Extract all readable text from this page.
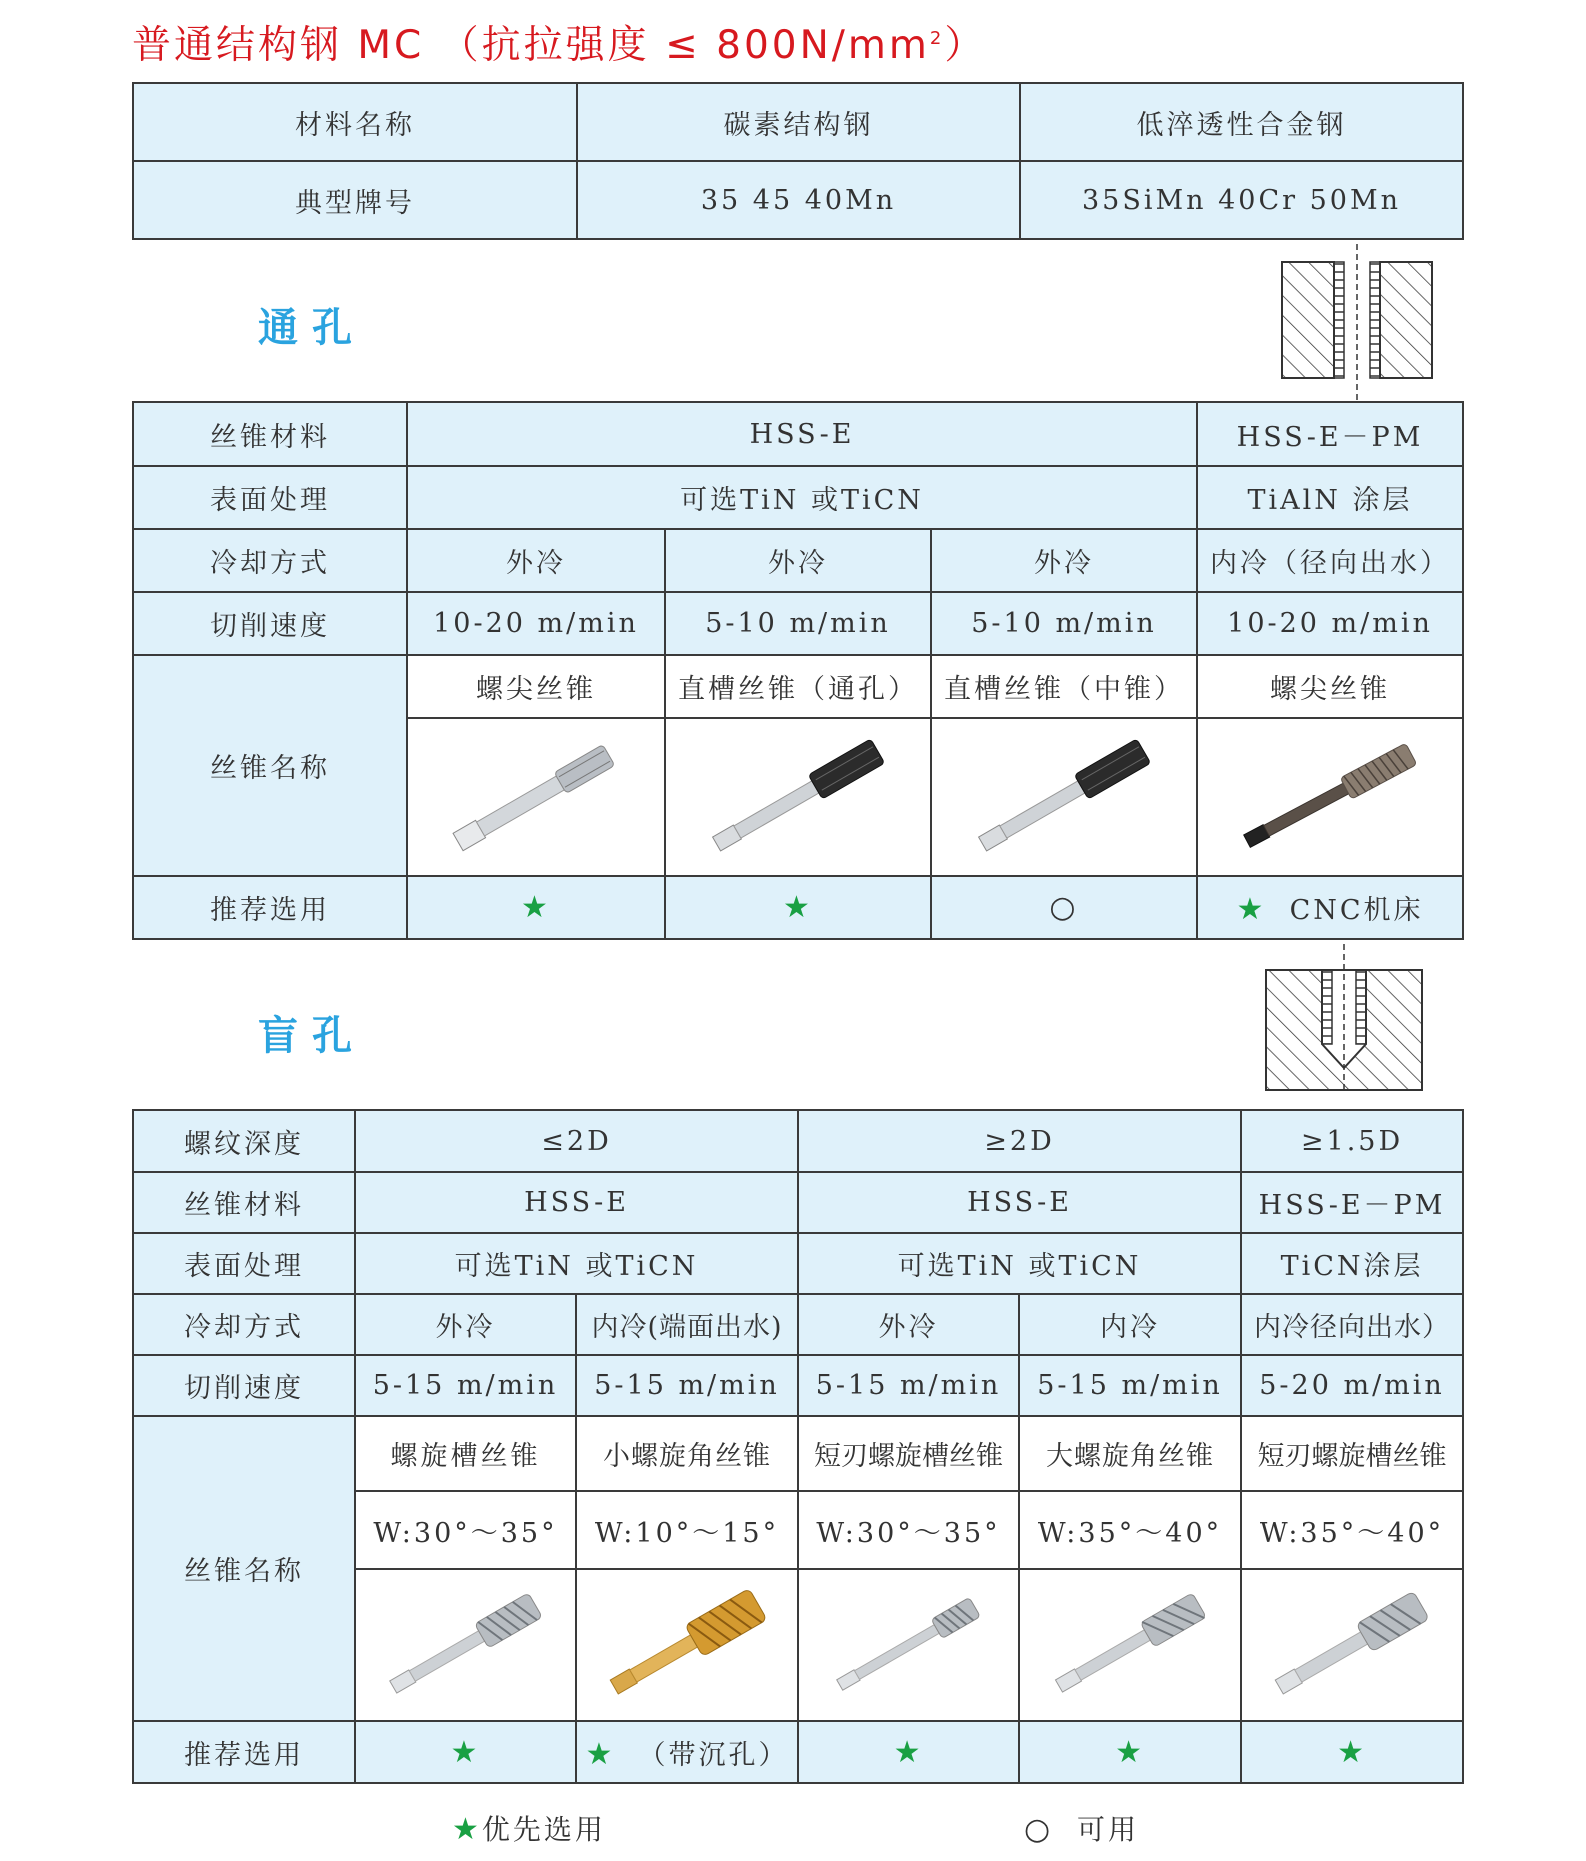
普通结构钢 MC （抗拉强度 ≤ $800N/mm^2$）
材料名称	碳素结构钢	低淬透性合金钢
典型牌号	35 45 40Mn	35SiMn 40Cr 50Mn
通孔
丝锥材料	HSS-E			HSS-E－PM
表面处理	可选TiN 或TiCN			TiAlN 涂层
冷却方式	外冷	外冷	外冷	内冷（径向出水）
切削速度	10-20 m/min	5-10 m/min	5-10 m/min	10-20 m/min
丝锥名称	螺尖丝锥	直槽丝锥（通孔）	直槽丝锥（中锥）	螺尖丝锥

推荐选用	★	★	○	★ CNC机床
盲孔
螺纹深度	≤2D		≥2D		≥1.5D
丝锥材料	HSS-E		HSS-E		HSS-E－PM
表面处理	可选TiN 或TiCN		可选TiN 或TiCN		TiCN涂层
冷却方式	外冷	内冷(端面出水)	外冷	内冷	内冷径向出水）
切削速度	5-15 m/min	5-15 m/min	5-15 m/min	5-15 m/min	5-20 m/min
丝锥名称	螺旋槽丝锥	小螺旋角丝锥	短刃螺旋槽丝锥	大螺旋角丝锥	短刃螺旋槽丝锥
	W:30°～35°	W:10°～15°	W:30°～35°	W:35°～40°	W:35°～40°

推荐选用	★	★ （带沉孔）	★	★	★
★优先选用	○ 可用
